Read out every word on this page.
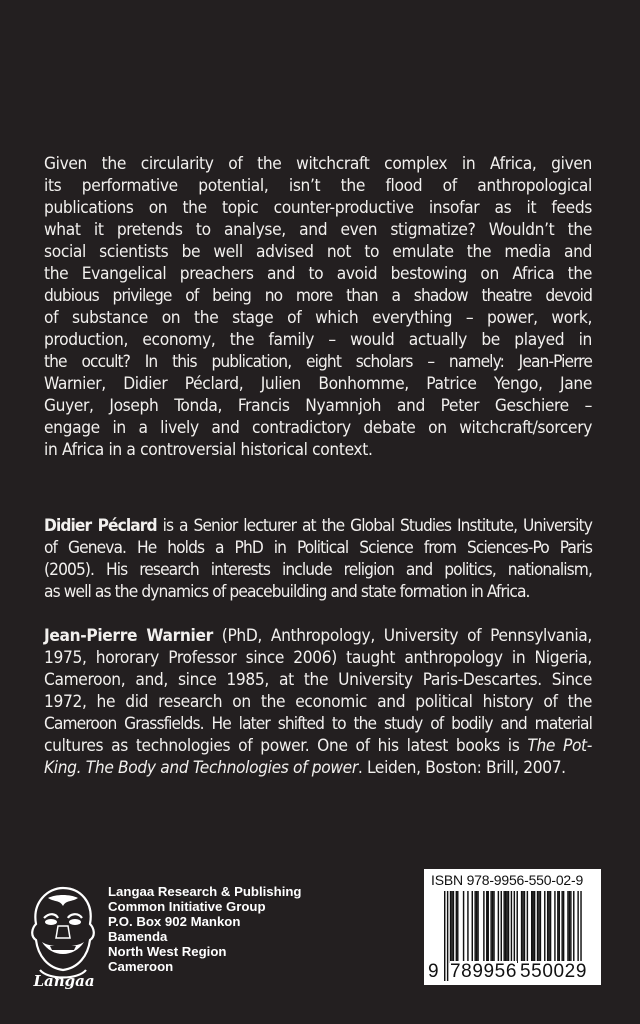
Given the circularity of the witchcraft complex in Africa, given
its performative potential, isn’t the flood of anthropological
publications on the topic counter-productive insofar as it feeds
what it pretends to analyse, and even stigmatize? Wouldn’t the
social scientists be well advised not to emulate the media and
the Evangelical preachers and to avoid bestowing on Africa the
dubious privilege of being no more than a shadow theatre devoid
of substance on the stage of which everything – power, work,
production, economy, the family – would actually be played in
the occult? In this publication, eight scholars – namely: Jean-Pierre
Warnier, Didier Péclard, Julien Bonhomme, Patrice Yengo, Jane
Guyer, Joseph Tonda, Francis Nyamnjoh and Peter Geschiere –
engage in a lively and contradictory debate on witchcraft/sorcery
in Africa in a controversial historical context.
Didier Péclard is a Senior lecturer at the Global Studies Institute, University
of Geneva. He holds a PhD in Political Science from Sciences-Po Paris
(2005). His research interests include religion and politics, nationalism,
as well as the dynamics of peacebuilding and state formation in Africa.
Jean-Pierre Warnier (PhD, Anthropology, University of Pennsylvania,
1975, hororary Professor since 2006) taught anthropology in Nigeria,
Cameroon, and, since 1985, at the University Paris-Descartes. Since
1972, he did research on the economic and political history of the
Cameroon Grassfields. He later shifted to the study of bodily and material
cultures as technologies of power. One of his latest books is The Pot-
King. The Body and Technologies of power. Leiden, Boston: Brill, 2007.
Langaa
Langaa Research & Publishing
Common Initiative Group
P.O. Box 902 Mankon
Bamenda
North West Region
Cameroon
ISBN 978-9956-550-02-9
9 789956 550029
